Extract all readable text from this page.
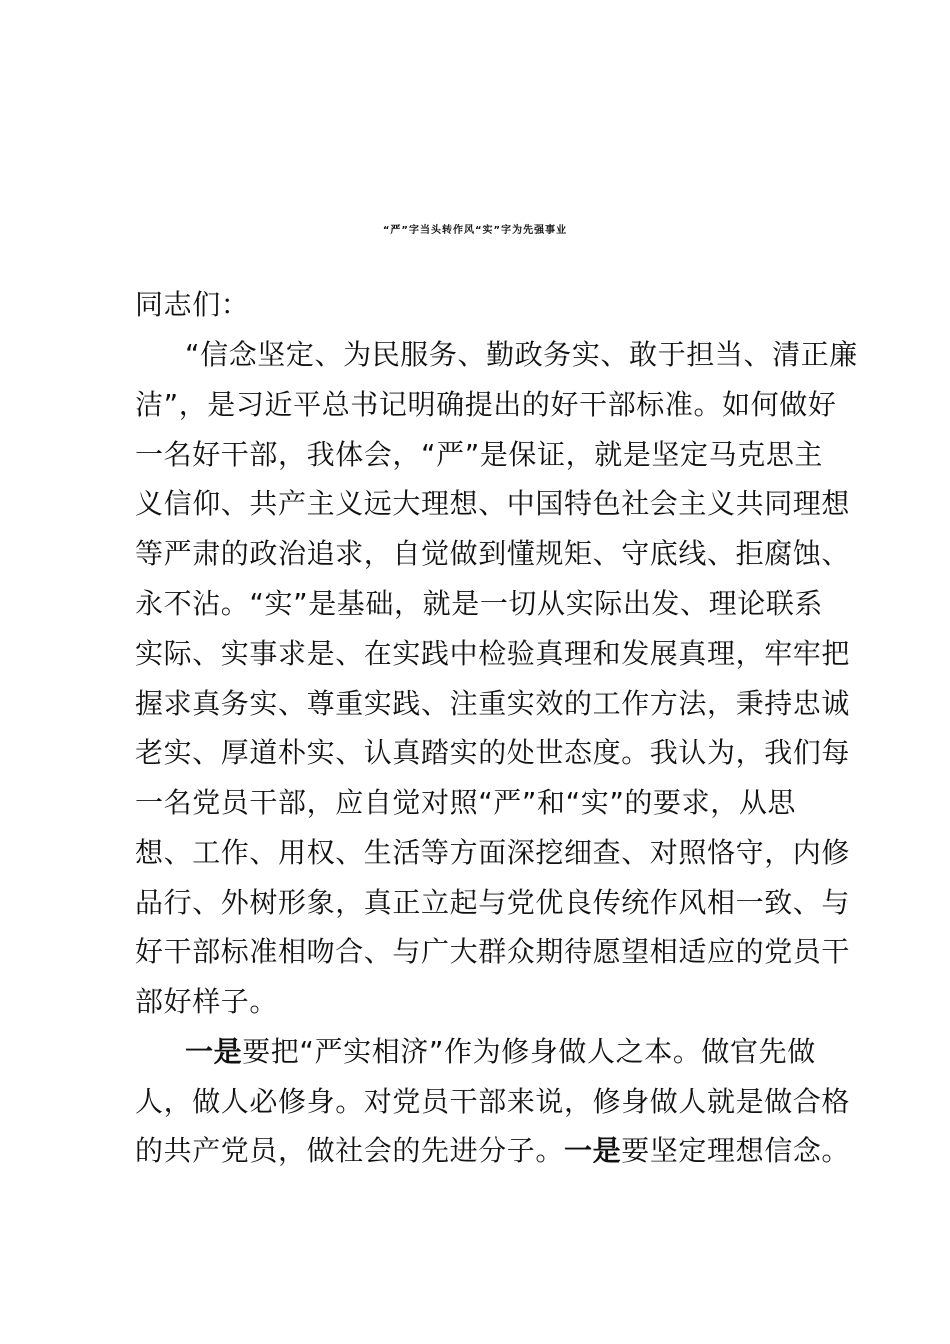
“严”字当头转作风“实”字为先强事业
同志们：
“信念坚定、为民服务、勤政务实、敢于担当、清正廉
洁”，是习近平总书记明确提出的好干部标准。如何做好
一名好干部，我体会，“严”是保证，就是坚定马克思主
义信仰、共产主义远大理想、中国特色社会主义共同理想
等严肃的政治追求，自觉做到懂规矩、守底线、拒腐蚀、
永不沾。“实”是基础，就是一切从实际出发、理论联系
实际、实事求是、在实践中检验真理和发展真理，牢牢把
握求真务实、尊重实践、注重实效的工作方法，秉持忠诚
老实、厚道朴实、认真踏实的处世态度。我认为，我们每
一名党员干部，应自觉对照“严”和“实”的要求，从思
想、工作、用权、生活等方面深挖细查、对照恪守，内修
品行、外树形象，真正立起与党优良传统作风相一致、与
好干部标准相吻合、与广大群众期待愿望相适应的党员干
部好样子。
一是要把“严实相济”作为修身做人之本。做官先做
人，做人必修身。对党员干部来说，修身做人就是做合格
的共产党员，做社会的先进分子。一是要坚定理想信念。
